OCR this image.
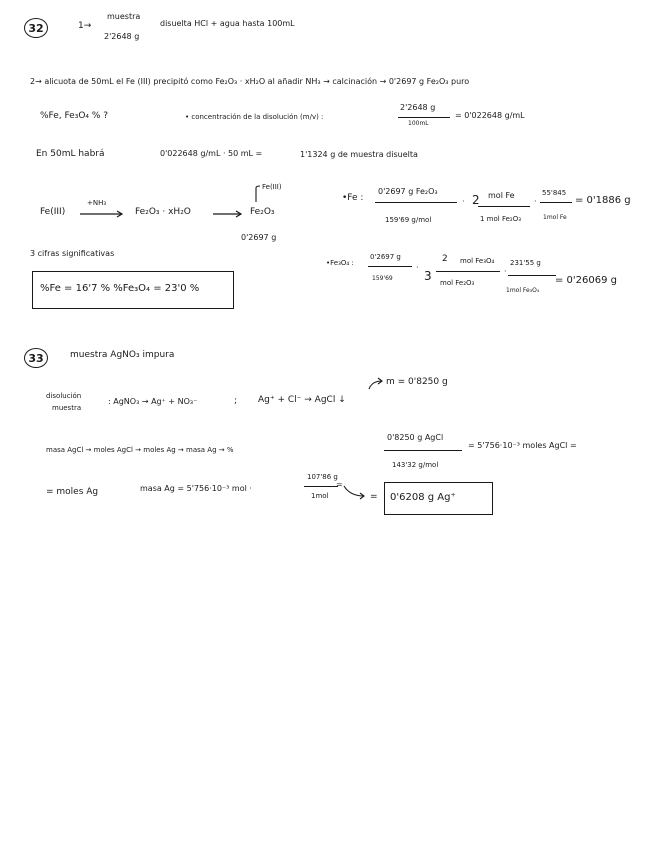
32	1→
muestra
2'2648 g
disuelta HCl + agua hasta 100mL
2→ alicuota de 50mL el Fe (III) precipitó como Fe₂O₃ · xH₂O al añadir NH₃ → calcinación → 0'2697 g Fe₂O₃ puro
%Fe, Fe₃O₄ % ?	• concentración de la disolución (m/v) :
2'2648 g
100mL
= 0'022648 g/mL
En 50mL habrá	0'022648 g/mL · 50 mL =	1'1324 g de muestra disuelta
Fe(III)
+NH₃
Fe₂O₃ · xH₂O
Fe(III)
Fe₂O₃
0'2697 g
•Fe :
0'2697 g Fe₂O₃
159'69 g/mol
· 2 mol Fe
1 mol Fe₂O₃
·
55'845
1mol Fe
= 0'1886 g
3 cifras significativas
%Fe = 16'7 % %Fe₃O₄ = 23'0 %
•Fe₃O₄ :
0'2697 g
159'69
·
3
2 mol Fe₃O₄
mol Fe₂O₃
·
231'55 g
1mol Fe₃O₄
= 0'26069 g
33	muestra AgNO₃ impura
disolución
muestra
: AgNO₃ → Ag⁺ + NO₃⁻	; Ag⁺ + Cl⁻ → AgCl ↓
m = 0'8250 g
masa AgCl → moles AgCl → moles Ag → masa Ag → %
0'8250 g AgCl
143'32 g/mol
= 5'756·10⁻³ moles AgCl =
= moles Ag	masa Ag = 5'756·10⁻³ mol ·
107'86 g
1mol
=
= 0'6208 g Ag⁺
